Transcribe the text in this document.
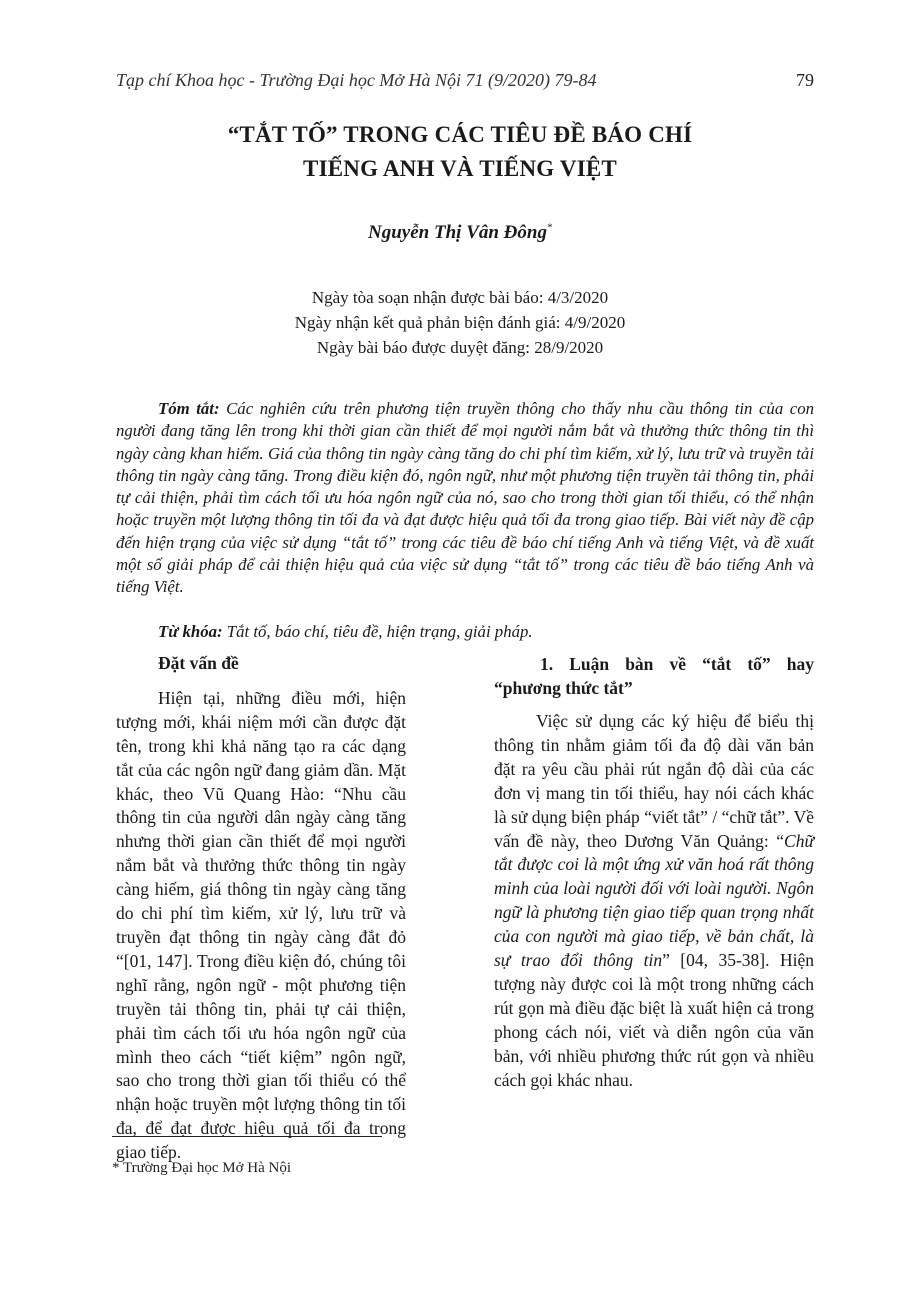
Tạp chí Khoa học - Trường Đại học Mở Hà Nội 71 (9/2020) 79-84	79
“TẮT TỐ” TRONG CÁC TIÊU ĐỀ BÁO CHÍ
TIẾNG ANH VÀ TIẾNG VIỆT
Nguyễn Thị Vân Đông*
Ngày tòa soạn nhận được bài báo: 4/3/2020
Ngày nhận kết quả phản biện đánh giá: 4/9/2020
Ngày bài báo được duyệt đăng: 28/9/2020
Tóm tắt: Các nghiên cứu trên phương tiện truyền thông cho thấy nhu cầu thông tin của con người đang tăng lên trong khi thời gian cần thiết để mọi người nắm bắt và thưởng thức thông tin thì ngày càng khan hiếm. Giá của thông tin ngày càng tăng do chi phí tìm kiếm, xử lý, lưu trữ và truyền tải thông tin ngày càng tăng. Trong điều kiện đó, ngôn ngữ, như một phương tiện truyền tải thông tin, phải tự cải thiện, phải tìm cách tối ưu hóa ngôn ngữ của nó, sao cho trong thời gian tối thiểu, có thể nhận hoặc truyền một lượng thông tin tối đa và đạt được hiệu quả tối đa trong giao tiếp. Bài viết này đề cập đến hiện trạng của việc sử dụng “tắt tố” trong các tiêu đề báo chí tiếng Anh và tiếng Việt, và đề xuất một số giải pháp để cải thiện hiệu quả của việc sử dụng “tắt tố” trong các tiêu đề báo tiếng Anh và tiếng Việt.
Từ khóa: Tắt tố, báo chí, tiêu đề, hiện trạng, giải pháp.
Đặt vấn đề

Hiện tại, những điều mới, hiện tượng mới, khái niệm mới cần được đặt tên, trong khi khả năng tạo ra các dạng tắt của các ngôn ngữ đang giảm dần. Mặt khác, theo Vũ Quang Hào: “Nhu cầu thông tin của người dân ngày càng tăng nhưng thời gian cần thiết để mọi người nắm bắt và thưởng thức thông tin ngày càng hiếm, giá thông tin ngày càng tăng do chi phí tìm kiếm, xử lý, lưu trữ và truyền đạt thông tin ngày càng đắt đỏ “[01, 147]. Trong điều kiện đó, chúng tôi nghĩ rằng, ngôn ngữ - một phương tiện truyền tải thông tin, phải tự cải thiện, phải tìm cách tối ưu hóa ngôn ngữ của mình theo cách “tiết kiệm” ngôn ngữ, sao cho trong thời gian tối thiểu có thể nhận hoặc truyền một lượng thông tin tối đa, để đạt được hiệu quả tối đa trong giao tiếp.

1. Luận bàn về “tắt tố” hay “phương thức tắt”

Việc sử dụng các ký hiệu để biểu thị thông tin nhằm giảm tối đa độ dài văn bản đặt ra yêu cầu phải rút ngắn độ dài của các đơn vị mang tin tối thiểu, hay nói cách khác là sử dụng biện pháp “viết tắt” / “chữ tắt”. Về vấn đề này, theo Dương Văn Quảng: “Chữ tắt được coi là một ứng xử văn hoá rất thông minh của loài người đối với loài người. Ngôn ngữ là phương tiện giao tiếp quan trọng nhất của con người mà giao tiếp, về bản chất, là sự trao đổi thông tin” [04, 35-38]. Hiện tượng này được coi là một trong những cách rút gọn mà điều đặc biệt là xuất hiện cả trong phong cách nói, viết và diễn ngôn của văn bản, với nhiều phương thức rút gọn và nhiều cách gọi khác nhau.

* Trường Đại học Mở Hà Nội
